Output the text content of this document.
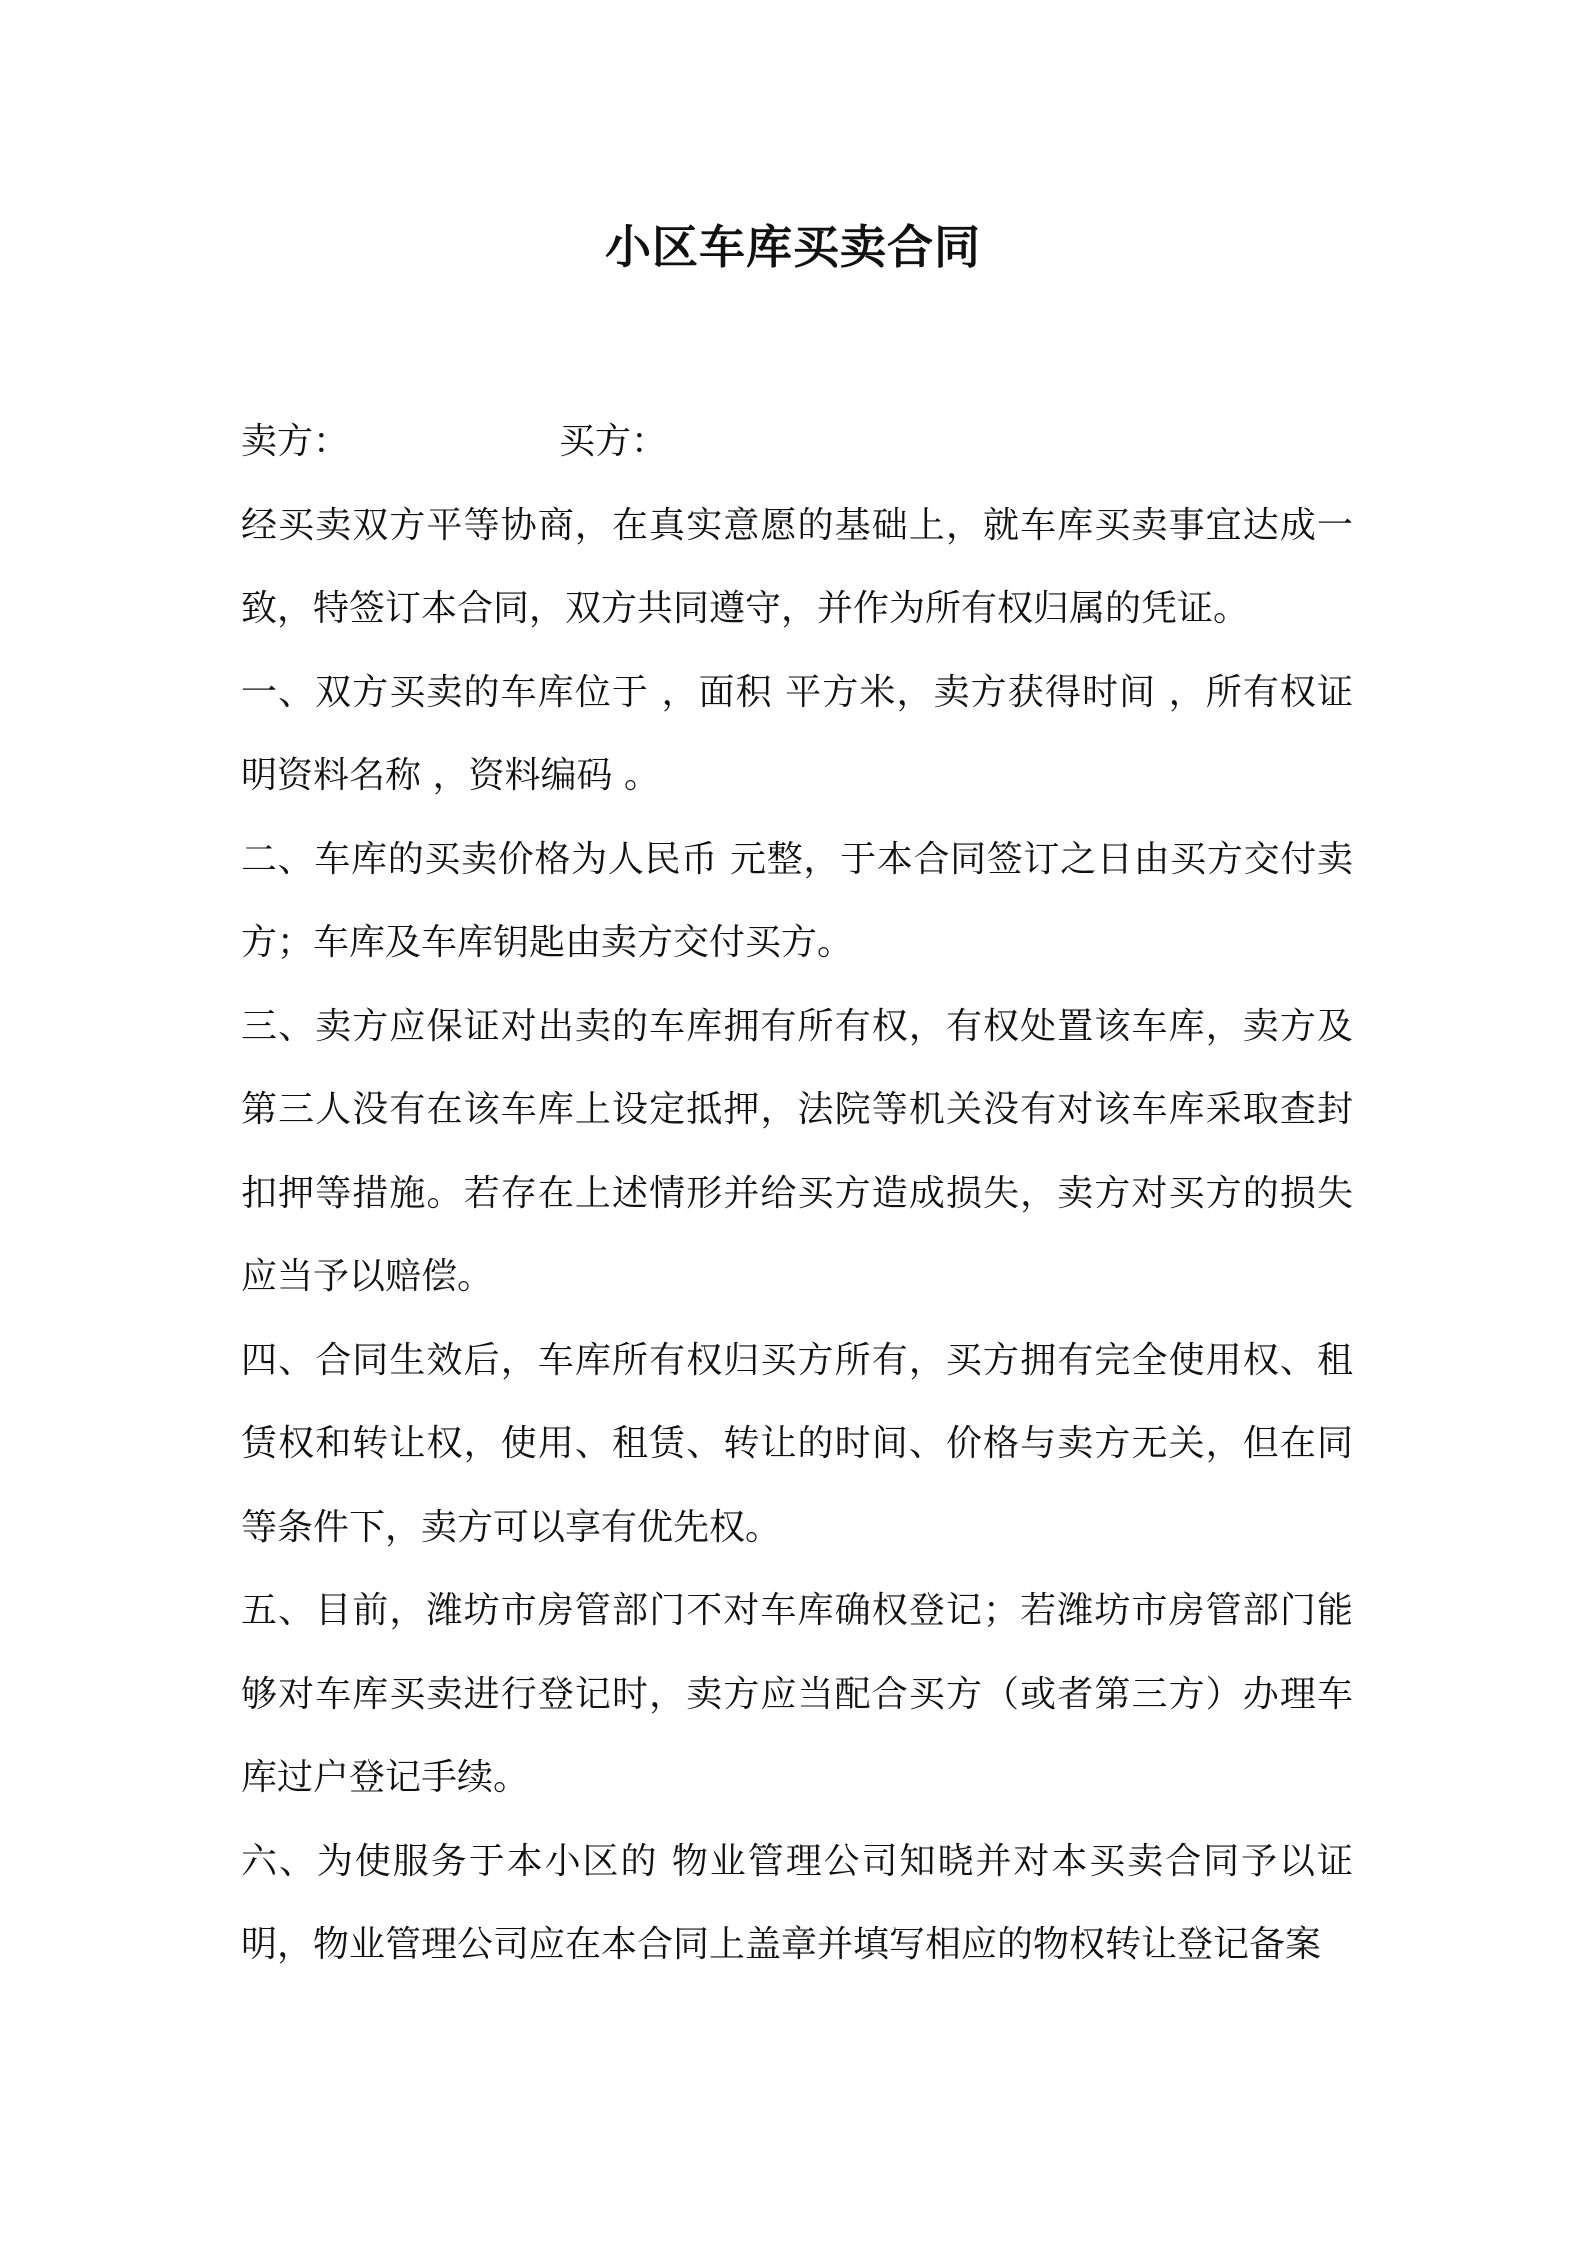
小区车库买卖合同
卖方：	买方：

经买卖双方平等协商，在真实意愿的基础上，就车库买卖事宜达成一致，特签订本合同，双方共同遵守，并作为所有权归属的凭证。

一、双方买卖的车库位于 ，面积 平方米，卖方获得时间 ，所有权证明资料名称 ，资料编码 。

二、车库的买卖价格为人民币 元整，于本合同签订之日由买方交付卖方；车库及车库钥匙由卖方交付买方。

三、卖方应保证对出卖的车库拥有所有权，有权处置该车库，卖方及第三人没有在该车库上设定抵押，法院等机关没有对该车库采取查封扣押等措施。若存在上述情形并给买方造成损失，卖方对买方的损失应当予以赔偿。

四、合同生效后，车库所有权归买方所有，买方拥有完全使用权、租赁权和转让权，使用、租赁、转让的时间、价格与卖方无关，但在同等条件下，卖方可以享有优先权。

五、目前，潍坊市房管部门不对车库确权登记；若潍坊市房管部门能够对车库买卖进行登记时，卖方应当配合买方（或者第三方）办理车库过户登记手续。

六、为使服务于本小区的 物业管理公司知晓并对本买卖合同予以证明，物业管理公司应在本合同上盖章并填写相应的物权转让登记备案
